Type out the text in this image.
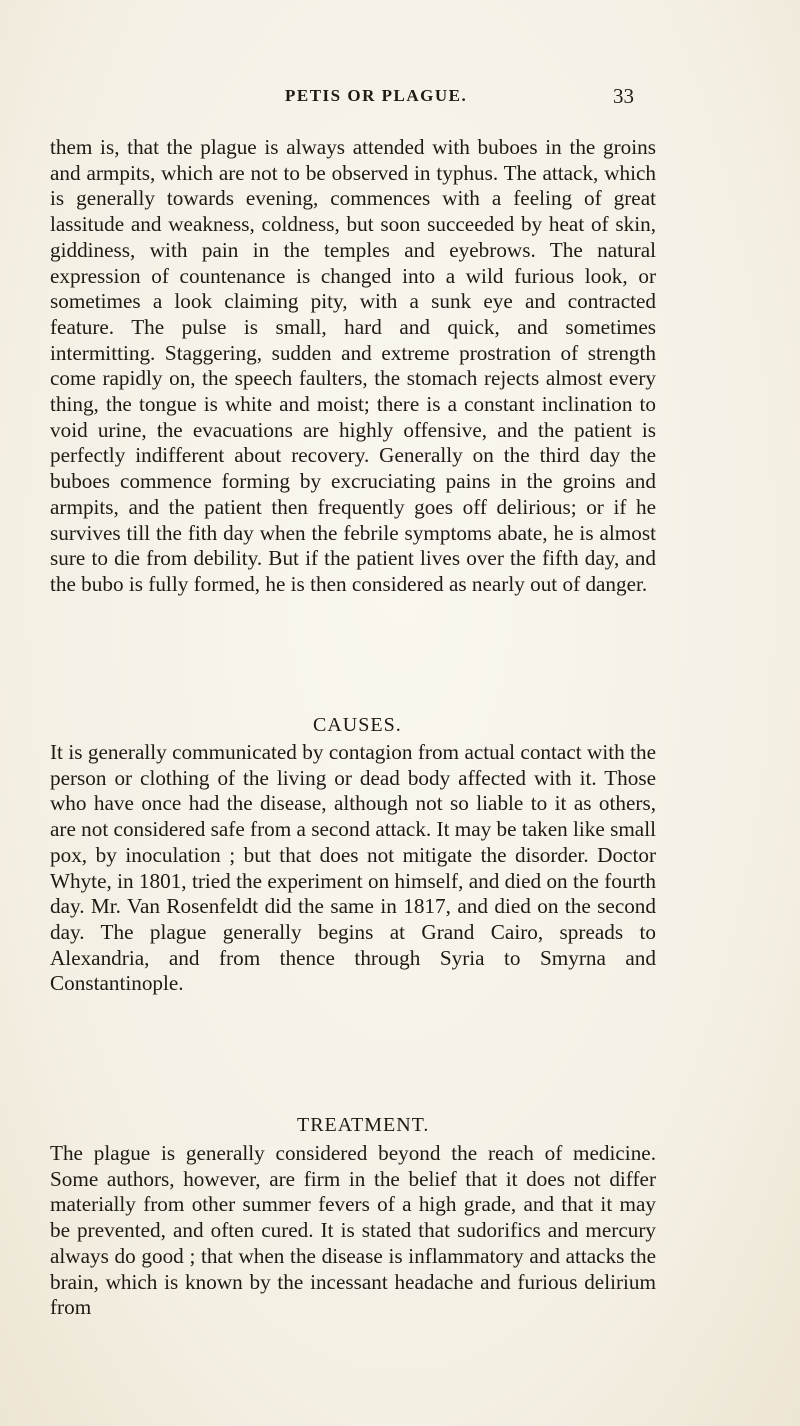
PETIS OR PLAGUE.	33
them is, that the plague is always attended with buboes in the groins and armpits, which are not to be observed in typhus. The attack, which is generally towards evening, commences with a feeling of great lassitude and weakness, coldness, but soon succeeded by heat of skin, giddiness, with pain in the temples and eyebrows. The natural expression of countenance is changed into a wild furious look, or sometimes a look claiming pity, with a sunk eye and contracted feature. The pulse is small, hard and quick, and sometimes intermitting. Staggering, sudden and extreme prostration of strength come rapidly on, the speech faulters, the stomach rejects almost every thing, the tongue is white and moist; there is a constant inclination to void urine, the evacuations are highly offensive, and the patient is perfectly indifferent about recovery. Generally on the third day the buboes commence forming by excruciating pains in the groins and armpits, and the patient then frequently goes off delirious; or if he survives till the fith day when the febrile symptoms abate, he is almost sure to die from debility. But if the patient lives over the fifth day, and the bubo is fully formed, he is then considered as nearly out of danger.
CAUSES.
It is generally communicated by contagion from actual contact with the person or clothing of the living or dead body affected with it. Those who have once had the disease, although not so liable to it as others, are not considered safe from a second attack. It may be taken like small pox, by inoculation ; but that does not mitigate the disorder. Doctor Whyte, in 1801, tried the experiment on himself, and died on the fourth day. Mr. Van Rosenfeldt did the same in 1817, and died on the second day. The plague generally begins at Grand Cairo, spreads to Alexandria, and from thence through Syria to Smyrna and Constantinople.
TREATMENT.
The plague is generally considered beyond the reach of medicine. Some authors, however, are firm in the belief that it does not differ materially from other summer fevers of a high grade, and that it may be prevented, and often cured. It is stated that sudorifics and mercury always do good ; that when the disease is inflammatory and attacks the brain, which is known by the incessant headache and furious delirium from
